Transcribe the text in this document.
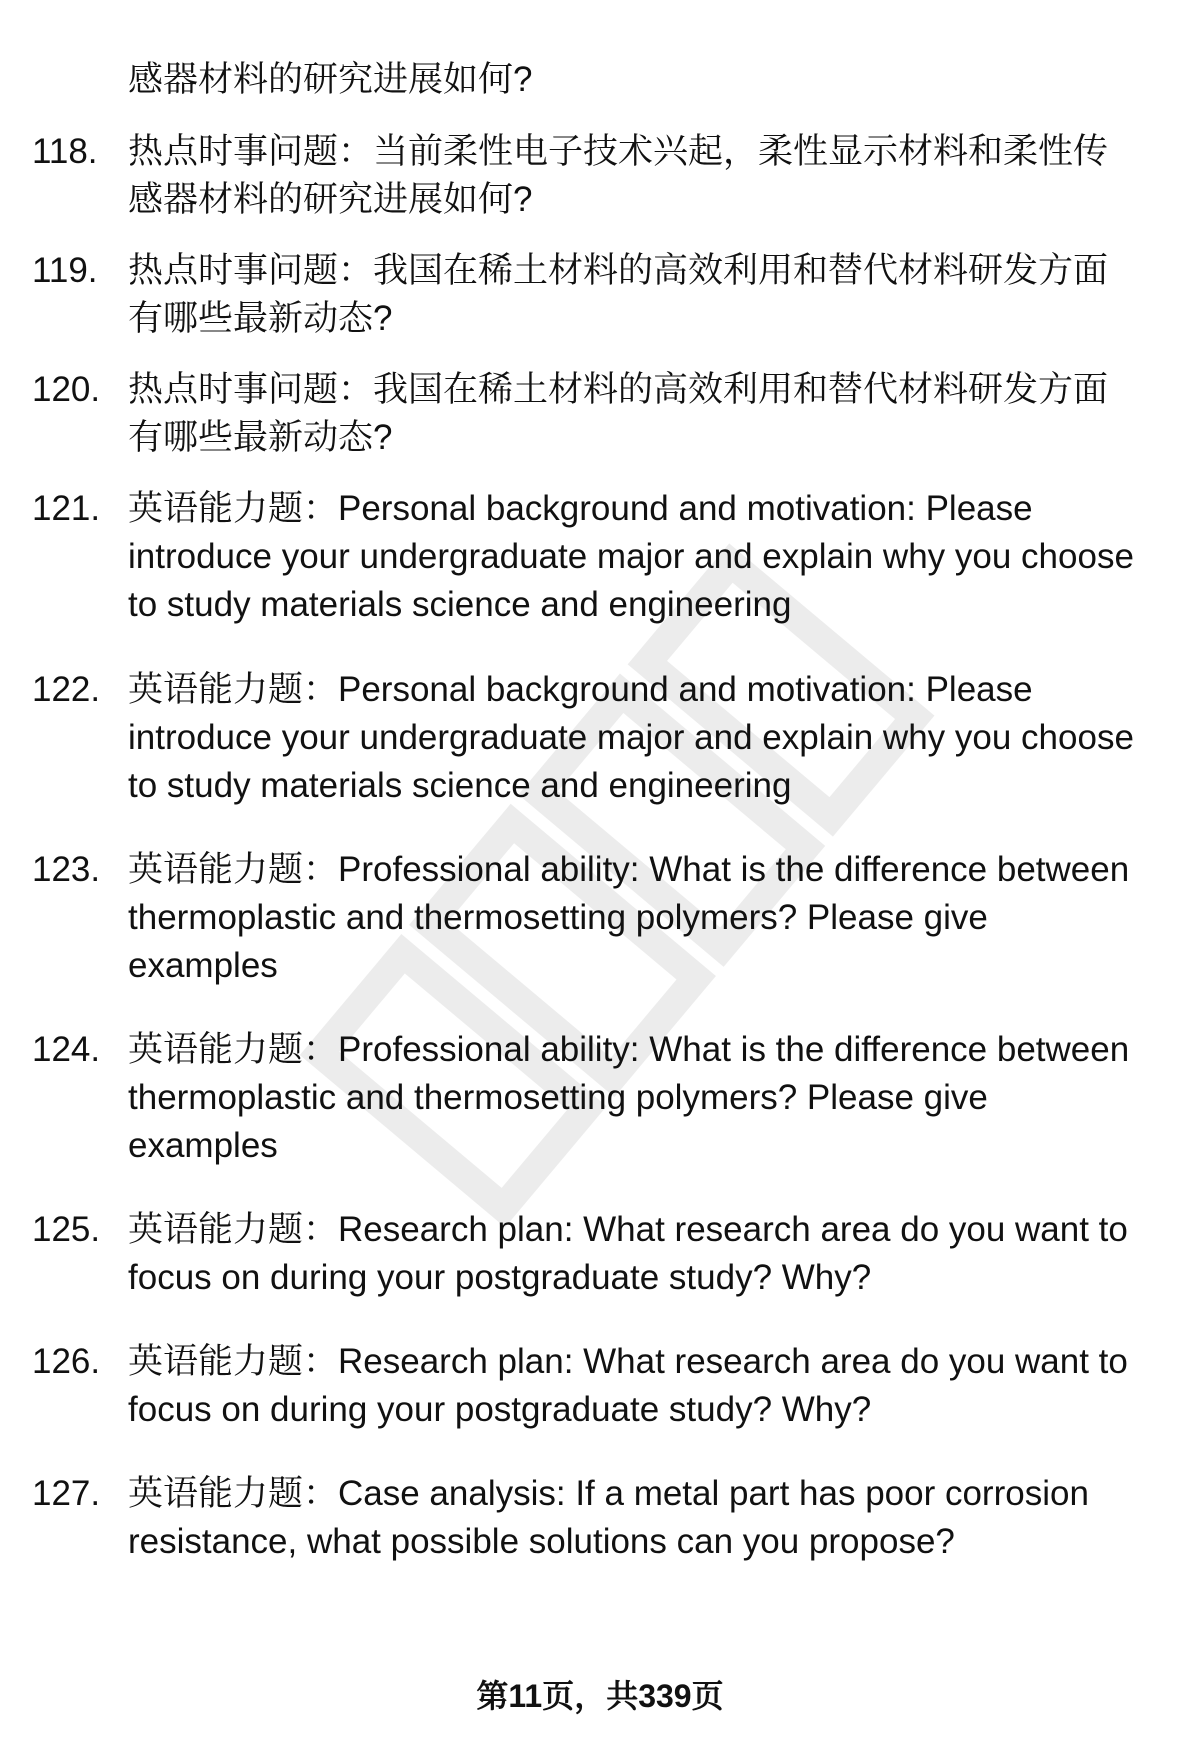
感器材料的研究进展如何?
118. 热点时事问题：当前柔性电子技术兴起，柔性显示材料和柔性传感器材料的研究进展如何?
119. 热点时事问题：我国在稀土材料的高效利用和替代材料研发方面有哪些最新动态?
120. 热点时事问题：我国在稀土材料的高效利用和替代材料研发方面有哪些最新动态?
121. 英语能力题：Personal background and motivation: Please introduce your undergraduate major and explain why you choose to study materials science and engineering
122. 英语能力题：Personal background and motivation: Please introduce your undergraduate major and explain why you choose to study materials science and engineering
123. 英语能力题：Professional ability: What is the difference between thermoplastic and thermosetting polymers? Please give examples
124. 英语能力题：Professional ability: What is the difference between thermoplastic and thermosetting polymers? Please give examples
125. 英语能力题：Research plan: What research area do you want to focus on during your postgraduate study? Why?
126. 英语能力题：Research plan: What research area do you want to focus on during your postgraduate study? Why?
127. 英语能力题：Case analysis: If a metal part has poor corrosion resistance, what possible solutions can you propose?
第11页，共339页
